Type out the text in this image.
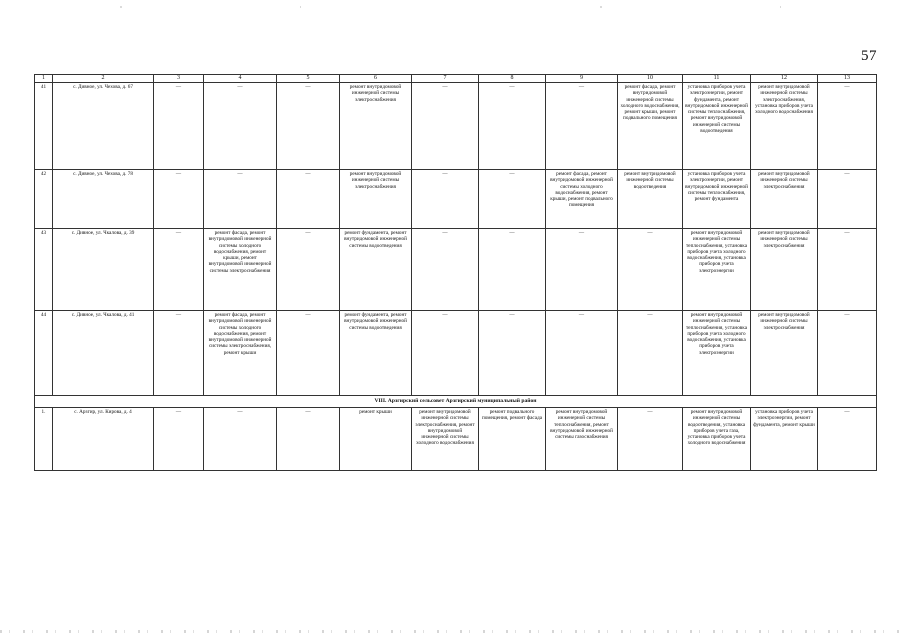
57
1	2	3	4	5	6	7	8	9	10	11	12	13
41	с. Дивное, ул. Чехова, д. 67	—	—	—	ремонт внутридомовой инженерной системы электроснабжения	—	—	—	ремонт фасада, ремонт внутридомовой инженерной системы холодного водоснабжения, ремонт крыши, ремонт подвального помещения	установка приборов учета электроэнергии, ремонт фундамента, ремонт внутридомовой инженерной системы теплоснабжения, ремонт внутридомовой инженерной системы водоотведения	ремонт внутридомовой инженерной системы электроснабжения, установка приборов учета холодного водоснабжения	—
42	с. Дивное, ул. Чехова, д. 78	—	—	—	ремонт внутридомовой инженерной системы электроснабжения	—	—	ремонт фасада, ремонт внутридомовой инженерной системы холодного водоснабжения, ремонт крыши, ремонт подвального помещения	ремонт внутридомовой инженерной системы водоотведения	установка приборов учета электроэнергии, ремонт внутридомовой инженерной системы теплоснабжения, ремонт фундамента	ремонт внутридомовой инженерной системы электроснабжения	—
43	с. Дивное, ул. Чкалова, д. 39	—	ремонт фасада, ремонт внутридомовой инженерной системы холодного водоснабжения, ремонт крыши, ремонт внутридомовой инженерной системы электроснабжения	—	ремонт фундамента, ремонт внутридомовой инженерной системы водоотведения	—	—	—	—	ремонт внутридомовой инженерной системы теплоснабжения, установка приборов учета холодного водоснабжения, установка приборов учета электроэнергии	ремонт внутридомовой инженерной системы электроснабжения	—
44	с. Дивное, ул. Чкалова, д. 41	—	ремонт фасада, ремонт внутридомовой инженерной системы холодного водоснабжения, ремонт внутридомовой инженерной системы электроснабжения, ремонт крыши	—	ремонт фундамента, ремонт внутридомовой инженерной системы водоотведения	—	—	—	—	ремонт внутридомовой инженерной системы теплоснабжения, установка приборов учета холодного водоснабжения, установка приборов учета электроэнергии	ремонт внутридомовой инженерной системы электроснабжения	—
VIII. Арзгирский сельсовет Арзгирский муниципальный район												
1.	с. Арзгир, ул. Кирова, д. 4	—	—	—	ремонт крыши	ремонт внутридомовой инженерной системы электроснабжения, ремонт внутридомовой инженерной системы холодного водоснабжения	ремонт подвального помещения, ремонт фасада	ремонт внутридомовой инженерной системы теплоснабжения, ремонт внутридомовой инженерной системы газоснабжения	—	ремонт внутридомовой инженерной системы водоотведения, установка приборов учета газа, установка приборов учета холодного водоснабжения	установка приборов учета электроэнергии, ремонт фундамента, ремонт крыши	—
